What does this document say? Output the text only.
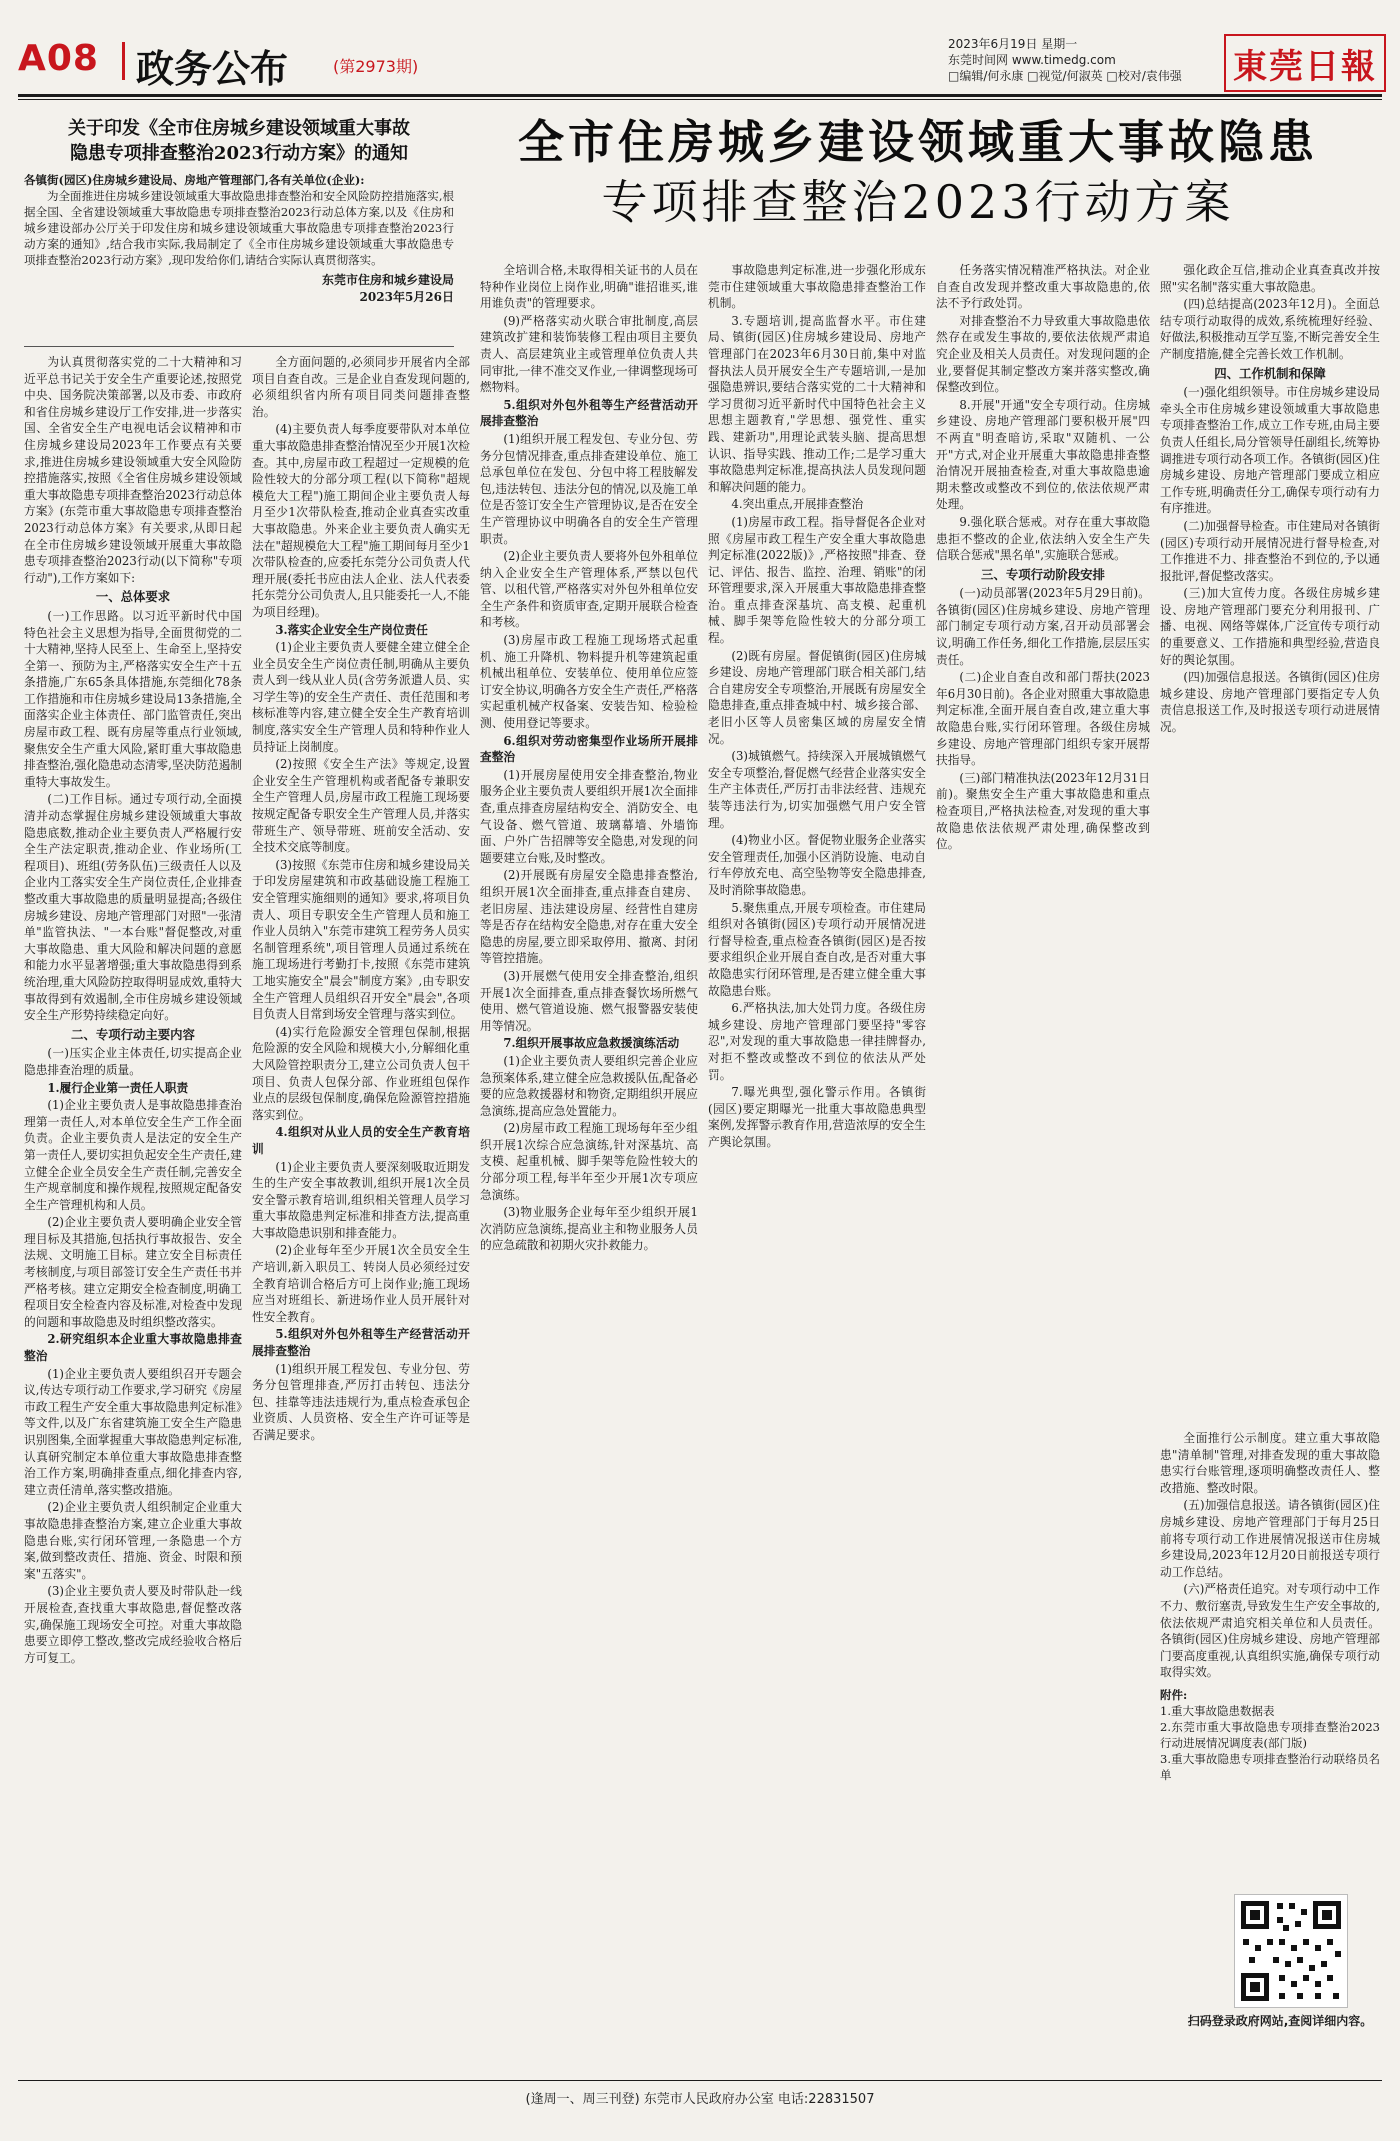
A08 政务公布	(第2973期)
2023年6月19日 星期一
东莞时间网 www.timedg.com
□编辑/何永康 □视觉/何淑英 □校对/袁伟强	東莞日報
关于印发《全市住房城乡建设领域重大事故
隐患专项排查整治2023行动方案》的通知

各镇街(园区)住房城乡建设局、房地产管理部门,各有关单位(企业):

为全面推进住房城乡建设领域重大事故隐患排查整治和安全风险防控措施落实,根据全国、全省建设领域重大事故隐患专项排查整治2023行动总体方案,以及《住房和城乡建设部办公厅关于印发住房和城乡建设领域重大事故隐患专项排查整治2023行动方案的通知》,结合我市实际,我局制定了《全市住房城乡建设领域重大事故隐患专项排查整治2023行动方案》,现印发给你们,请结合实际认真贯彻落实。

东莞市住房和城乡建设局
2023年5月26日
全市住房城乡建设领域重大事故隐患
专项排查整治2023行动方案

为认真贯彻落实党的二十大精神和习近平总书记关于安全生产重要论述,按照党中央、国务院决策部署,以及市委、市政府和省住房城乡建设厅工作安排,进一步落实国、全省安全生产电视电话会议精神和市住房城乡建设局2023年工作要点有关要求,推进住房城乡建设领域重大安全风险防控措施落实,按照《全省住房城乡建设领域重大事故隐患专项排查整治2023行动总体方案》(东莞市重大事故隐患专项排查整治2023行动总体方案》有关要求,从即日起在全市住房城乡建设领域开展重大事故隐患专项排查整治2023行动(以下简称"专项行动"),工作方案如下:

一、总体要求

(一)工作思路。以习近平新时代中国特色社会主义思想为指导,全面贯彻党的二十大精神,坚持人民至上、生命至上,坚持安全第一、预防为主,严格落实安全生产十五条措施,广东65条具体措施,东莞细化78条工作措施和市住房城乡建设局13条措施,全面落实企业主体责任、部门监管责任,突出房屋市政工程、既有房屋等重点行业领域,聚焦安全生产重大风险,紧盯重大事故隐患排查整治,强化隐患动态清零,坚决防范遏制重特大事故发生。

(二)工作目标。通过专项行动,全面摸清并动态掌握住房城乡建设领域重大事故隐患底数,推动企业主要负责人严格履行安全生产法定职责,推动企业、作业场所(工程项目)、班组(劳务队伍)三级责任人以及企业内工落实安全生产岗位责任,企业排查整改重大事故隐患的质量明显提高;各级住房城乡建设、房地产管理部门对照"一张清单"监管执法、"一本台账"督促整改,对重大事故隐患、重大风险和解决问题的意愿和能力水平显著增强;重大事故隐患得到系统治理,重大风险防控取得明显成效,重特大事故得到有效遏制,全市住房城乡建设领域安全生产形势持续稳定向好。

二、专项行动主要内容

(一)压实企业主体责任,切实提高企业隐患排查治理的质量。

1.履行企业第一责任人职责

(1)企业主要负责人是事故隐患排查治理第一责任人,对本单位安全生产工作全面负责。企业主要负责人是法定的安全生产第一责任人,要切实担负起安全生产责任,建立健全企业全员安全生产责任制,完善安全生产规章制度和操作规程,按照规定配备安全生产管理机构和人员。

(2)企业主要负责人要明确企业安全管理目标及其措施,包括执行事故报告、安全法规、文明施工目标。建立安全目标责任考核制度,与项目部签订安全生产责任书并严格考核。建立定期安全检查制度,明确工程项目安全检查内容及标准,对检查中发现的问题和事故隐患及时组织整改落实。

2.研究组织本企业重大事故隐患排查整治

(1)企业主要负责人要组织召开专题会议,传达专项行动工作要求,学习研究《房屋市政工程生产安全重大事故隐患判定标准》等文件,以及广东省建筑施工安全生产隐患识别图集,全面掌握重大事故隐患判定标准,认真研究制定本单位重大事故隐患排查整治工作方案,明确排查重点,细化排查内容,建立责任清单,落实整改措施。

(2)企业主要负责人组织制定企业重大事故隐患排查整治方案,建立企业重大事故隐患台账,实行闭环管理,一条隐患一个方案,做到整改责任、措施、资金、时限和预案"五落实"。

(3)企业主要负责人要及时带队赴一线开展检查,查找重大事故隐患,督促整改落实,确保施工现场安全可控。对重大事故隐患要立即停工整改,整改完成经验收合格后方可复工。

全方面问题的,必须同步开展省内全部项目自查自改。三是企业自查发现问题的,必须组织省内所有项目同类问题排查整治。

(4)主要负责人每季度要带队对本单位重大事故隐患排查整治情况至少开展1次检查。其中,房屋市政工程超过一定规模的危险性较大的分部分项工程(以下简称"超规模危大工程")施工期间企业主要负责人每月至少1次带队检查,推动企业真查实改重大事故隐患。外来企业主要负责人确实无法在"超规模危大工程"施工期间每月至少1次带队检查的,应委托东莞分公司负责人代理开展(委托书应由法人企业、法人代表委托东莞分公司负责人,且只能委托一人,不能为项目经理)。

3.落实企业安全生产岗位责任

(1)企业主要负责人要健全建立健全企业全员安全生产岗位责任制,明确从主要负责人到一线从业人员(含劳务派遣人员、实习学生等)的安全生产责任、责任范围和考核标准等内容,建立健全安全生产教育培训制度,落实安全生产管理人员和特种作业人员持证上岗制度。

(2)按照《安全生产法》等规定,设置企业安全生产管理机构或者配备专兼职安全生产管理人员,房屋市政工程施工现场要按规定配备专职安全生产管理人员,并落实带班生产、领导带班、班前安全活动、安全技术交底等制度。

(3)按照《东莞市住房和城乡建设局关于印发房屋建筑和市政基础设施工程施工安全管理实施细则的通知》要求,将项目负责人、项目专职安全生产管理人员和施工作业人员纳入"东莞市建筑工程劳务人员实名制管理系统",项目管理人员通过系统在施工现场进行考勤打卡,按照《东莞市建筑工地实施安全"晨会"制度方案》,由专职安全生产管理人员组织召开安全"晨会",各项目负责人目常到场安全管理与落实到位。

(4)实行危险源安全管理包保制,根据危险源的安全风险和规模大小,分解细化重大风险管控职责分工,建立公司负责人包干项目、负责人包保分部、作业班组包保作业点的层级包保制度,确保危险源管控措施落实到位。

4.组织对从业人员的安全生产教育培训

(1)企业主要负责人要深刻吸取近期发生的生产安全事故教训,组织开展1次全员安全警示教育培训,组织相关管理人员学习重大事故隐患判定标准和排查方法,提高重大事故隐患识别和排查能力。

(2)企业每年至少开展1次全员安全生产培训,新入职员工、转岗人员必须经过安全教育培训合格后方可上岗作业;施工现场应当对班组长、新进场作业人员开展针对性安全教育。

5.组织对外包外租等生产经营活动开展排查整治

(1)组织开展工程发包、专业分包、劳务分包管理排查,严厉打击转包、违法分包、挂靠等违法违规行为,重点检查承包企业资质、人员资格、安全生产许可证等是否满足要求。

全培训合格,未取得相关证书的人员在特种作业岗位上岗作业,明确"谁招谁买,谁用谁负责"的管理要求。

(9)严格落实动火联合审批制度,高层建筑改扩建和装饰装修工程由项目主要负责人、高层建筑业主或管理单位负责人共同审批,一律不准交叉作业,一律调整现场可燃物料。

5.组织对外包外租等生产经营活动开展排查整治

(1)组织开展工程发包、专业分包、劳务分包情况排查,重点排查建设单位、施工总承包单位在发包、分包中将工程肢解发包,违法转包、违法分包的情况,以及施工单位是否签订安全生产管理协议,是否在安全生产管理协议中明确各自的安全生产管理职责。

(2)企业主要负责人要将外包外租单位纳入企业安全生产管理体系,严禁以包代管、以租代管,严格落实对外包外租单位安全生产条件和资质审查,定期开展联合检查和考核。

(3)房屋市政工程施工现场塔式起重机、施工升降机、物料提升机等建筑起重机械出租单位、安装单位、使用单位应签订安全协议,明确各方安全生产责任,严格落实起重机械产权备案、安装告知、检验检测、使用登记等要求。

6.组织对劳动密集型作业场所开展排查整治

(1)开展房屋使用安全排查整治,物业服务企业主要负责人要组织开展1次全面排查,重点排查房屋结构安全、消防安全、电气设备、燃气管道、玻璃幕墙、外墙饰面、户外广告招牌等安全隐患,对发现的问题要建立台账,及时整改。

(2)开展既有房屋安全隐患排查整治,组织开展1次全面排查,重点排查自建房、老旧房屋、违法建设房屋、经营性自建房等是否存在结构安全隐患,对存在重大安全隐患的房屋,要立即采取停用、撤离、封闭等管控措施。

(3)开展燃气使用安全排查整治,组织开展1次全面排查,重点排查餐饮场所燃气使用、燃气管道设施、燃气报警器安装使用等情况。

7.组织开展事故应急救援演练活动

(1)企业主要负责人要组织完善企业应急预案体系,建立健全应急救援队伍,配备必要的应急救援器材和物资,定期组织开展应急演练,提高应急处置能力。

(2)房屋市政工程施工现场每年至少组织开展1次综合应急演练,针对深基坑、高支模、起重机械、脚手架等危险性较大的分部分项工程,每半年至少开展1次专项应急演练。

(3)物业服务企业每年至少组织开展1次消防应急演练,提高业主和物业服务人员的应急疏散和初期火灾扑救能力。

事故隐患判定标准,进一步强化形成东莞市住建领域重大事故隐患排查整治工作机制。

3.专题培训,提高监督水平。市住建局、镇街(园区)住房城乡建设局、房地产管理部门在2023年6月30日前,集中对监督执法人员开展安全生产专题培训,一是加强隐患辨识,要结合落实党的二十大精神和学习贯彻习近平新时代中国特色社会主义思想主题教育,"学思想、强党性、重实践、建新功",用理论武装头脑、提高思想认识、指导实践、推动工作;二是学习重大事故隐患判定标准,提高执法人员发现问题和解决问题的能力。

4.突出重点,开展排查整治

(1)房屋市政工程。指导督促各企业对照《房屋市政工程生产安全重大事故隐患判定标准(2022版)》,严格按照"排查、登记、评估、报告、监控、治理、销账"的闭环管理要求,深入开展重大事故隐患排查整治。重点排查深基坑、高支模、起重机械、脚手架等危险性较大的分部分项工程。

(2)既有房屋。督促镇街(园区)住房城乡建设、房地产管理部门联合相关部门,结合自建房安全专项整治,开展既有房屋安全隐患排查,重点排查城中村、城乡接合部、老旧小区等人员密集区域的房屋安全情况。

(3)城镇燃气。持续深入开展城镇燃气安全专项整治,督促燃气经营企业落实安全生产主体责任,严厉打击非法经营、违规充装等违法行为,切实加强燃气用户安全管理。

(4)物业小区。督促物业服务企业落实安全管理责任,加强小区消防设施、电动自行车停放充电、高空坠物等安全隐患排查,及时消除事故隐患。

5.聚焦重点,开展专项检查。市住建局组织对各镇街(园区)专项行动开展情况进行督导检查,重点检查各镇街(园区)是否按要求组织企业开展自查自改,是否对重大事故隐患实行闭环管理,是否建立健全重大事故隐患台账。

6.严格执法,加大处罚力度。各级住房城乡建设、房地产管理部门要坚持"零容忍",对发现的重大事故隐患一律挂牌督办,对拒不整改或整改不到位的依法从严处罚。

7.曝光典型,强化警示作用。各镇街(园区)要定期曝光一批重大事故隐患典型案例,发挥警示教育作用,营造浓厚的安全生产舆论氛围。

任务落实情况精准严格执法。对企业自查自改发现并整改重大事故隐患的,依法不予行政处罚。

对排查整治不力导致重大事故隐患依然存在或发生事故的,要依法依规严肃追究企业及相关人员责任。对发现问题的企业,要督促其制定整改方案并落实整改,确保整改到位。

8.开展"开通"安全专项行动。住房城乡建设、房地产管理部门要积极开展"四不两直"明查暗访,采取"双随机、一公开"方式,对企业开展重大事故隐患排查整治情况开展抽查检查,对重大事故隐患逾期未整改或整改不到位的,依法依规严肃处理。

9.强化联合惩戒。对存在重大事故隐患拒不整改的企业,依法纳入安全生产失信联合惩戒"黑名单",实施联合惩戒。

三、专项行动阶段安排

(一)动员部署(2023年5月29日前)。各镇街(园区)住房城乡建设、房地产管理部门制定专项行动方案,召开动员部署会议,明确工作任务,细化工作措施,层层压实责任。

(二)企业自查自改和部门帮扶(2023年6月30日前)。各企业对照重大事故隐患判定标准,全面开展自查自改,建立重大事故隐患台账,实行闭环管理。各级住房城乡建设、房地产管理部门组织专家开展帮扶指导。

(三)部门精准执法(2023年12月31日前)。聚焦安全生产重大事故隐患和重点检查项目,严格执法检查,对发现的重大事故隐患依法依规严肃处理,确保整改到位。

强化政企互信,推动企业真查真改并按照"实名制"落实重大事故隐患。

(四)总结提高(2023年12月)。全面总结专项行动取得的成效,系统梳理好经验、好做法,积极推动互学互鉴,不断完善安全生产制度措施,健全完善长效工作机制。

四、工作机制和保障

(一)强化组织领导。市住房城乡建设局牵头全市住房城乡建设领域重大事故隐患专项排查整治工作,成立工作专班,由局主要负责人任组长,局分管领导任副组长,统筹协调推进专项行动各项工作。各镇街(园区)住房城乡建设、房地产管理部门要成立相应工作专班,明确责任分工,确保专项行动有力有序推进。

(二)加强督导检查。市住建局对各镇街(园区)专项行动开展情况进行督导检查,对工作推进不力、排查整治不到位的,予以通报批评,督促整改落实。

(三)加大宣传力度。各级住房城乡建设、房地产管理部门要充分利用报刊、广播、电视、网络等媒体,广泛宣传专项行动的重要意义、工作措施和典型经验,营造良好的舆论氛围。

(四)加强信息报送。各镇街(园区)住房城乡建设、房地产管理部门要指定专人负责信息报送工作,及时报送专项行动进展情况。

全面推行公示制度。建立重大事故隐患"清单制"管理,对排查发现的重大事故隐患实行台账管理,逐项明确整改责任人、整改措施、整改时限。

(五)加强信息报送。请各镇街(园区)住房城乡建设、房地产管理部门于每月25日前将专项行动工作进展情况报送市住房城乡建设局,2023年12月20日前报送专项行动工作总结。

(六)严格责任追究。对专项行动中工作不力、敷衍塞责,导致发生生产安全事故的,依法依规严肃追究相关单位和人员责任。各镇街(园区)住房城乡建设、房地产管理部门要高度重视,认真组织实施,确保专项行动取得实效。

附件:
1.重大事故隐患数据表
2.东莞市重大事故隐患专项排查整治2023行动进展情况调度表(部门版)
3.重大事故隐患专项排查整治行动联络员名单
扫码登录政府网站,查阅详细内容。
(逢周一、周三刊登) 东莞市人民政府办公室 电话:22831507
